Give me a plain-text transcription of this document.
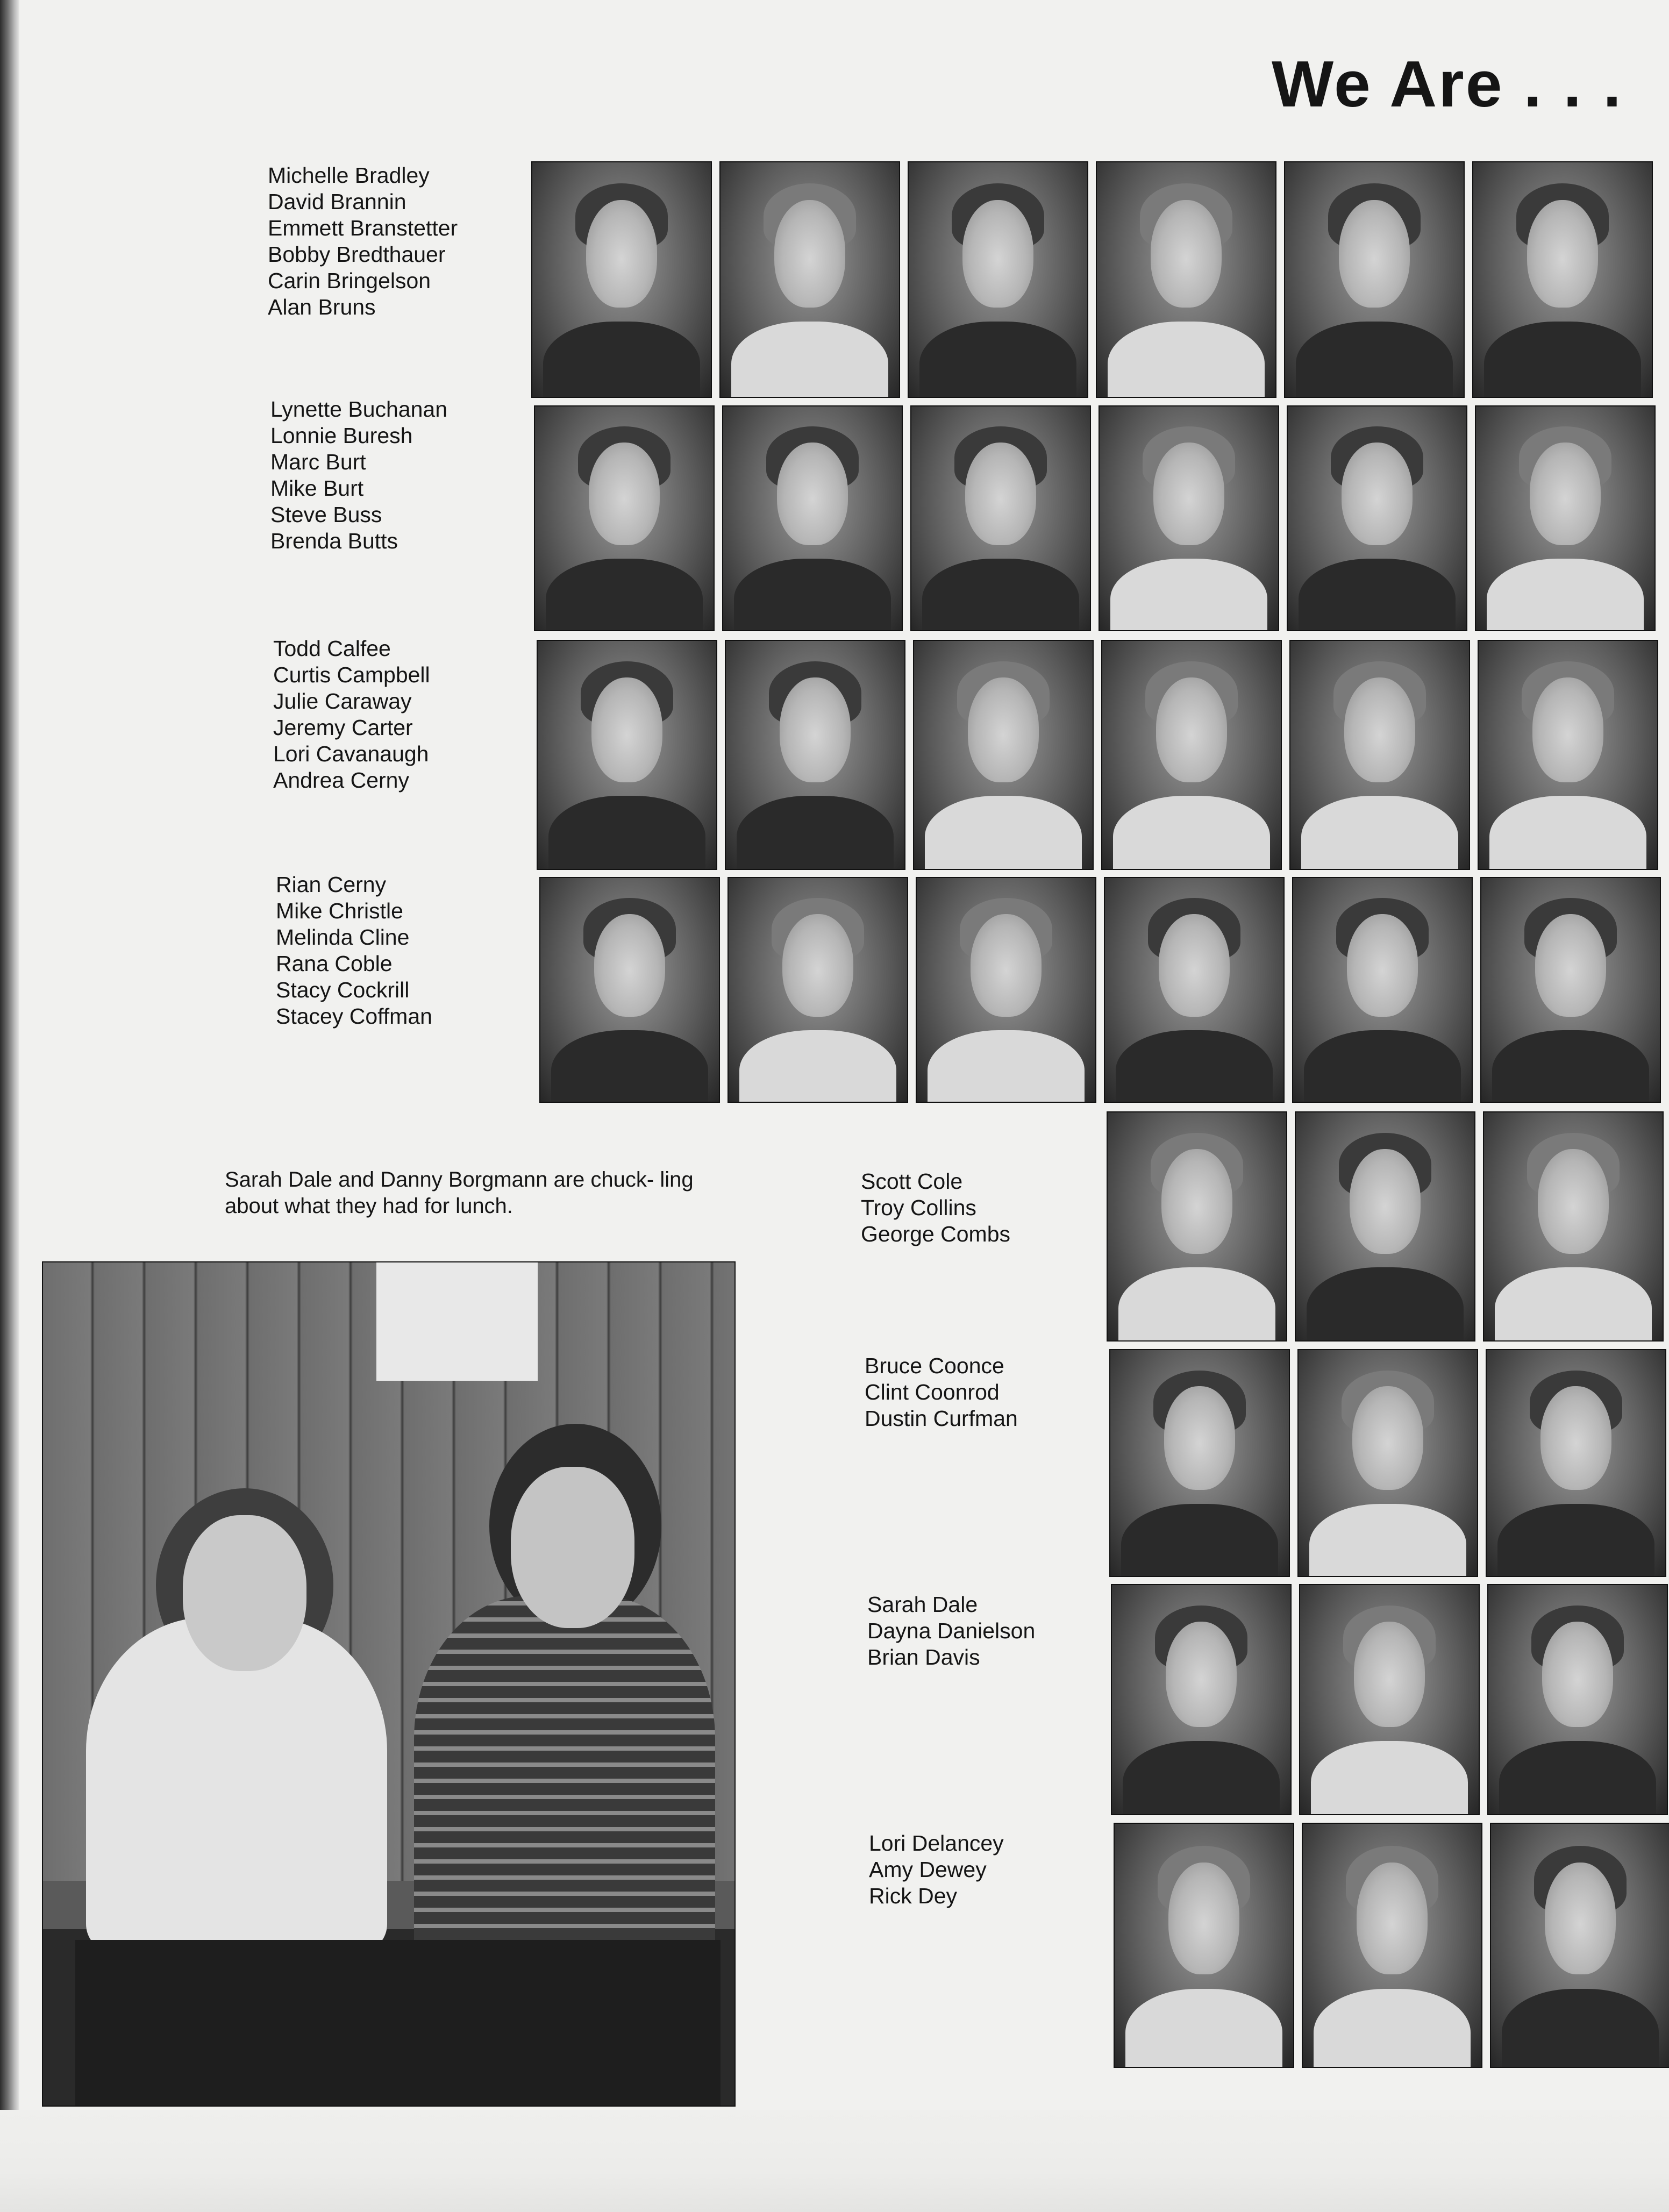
We Are . . .
Michelle Bradley
David Brannin
Emmett Branstetter
Bobby Bredthauer
Carin Bringelson
Alan Bruns
Lynette Buchanan
Lonnie Buresh
Marc Burt
Mike Burt
Steve Buss
Brenda Butts
Todd Calfee
Curtis Campbell
Julie Caraway
Jeremy Carter
Lori Cavanaugh
Andrea Cerny
Rian Cerny
Mike Christle
Melinda Cline
Rana Coble
Stacy Cockrill
Stacey Coffman
Scott Cole
Troy Collins
George Combs
Bruce Coonce
Clint Coonrod
Dustin Curfman
Sarah Dale
Dayna Danielson
Brian Davis
Lori Delancey
Amy Dewey
Rick Dey
Sarah Dale and Danny Borgmann are chuck- ling about what they had for lunch.
